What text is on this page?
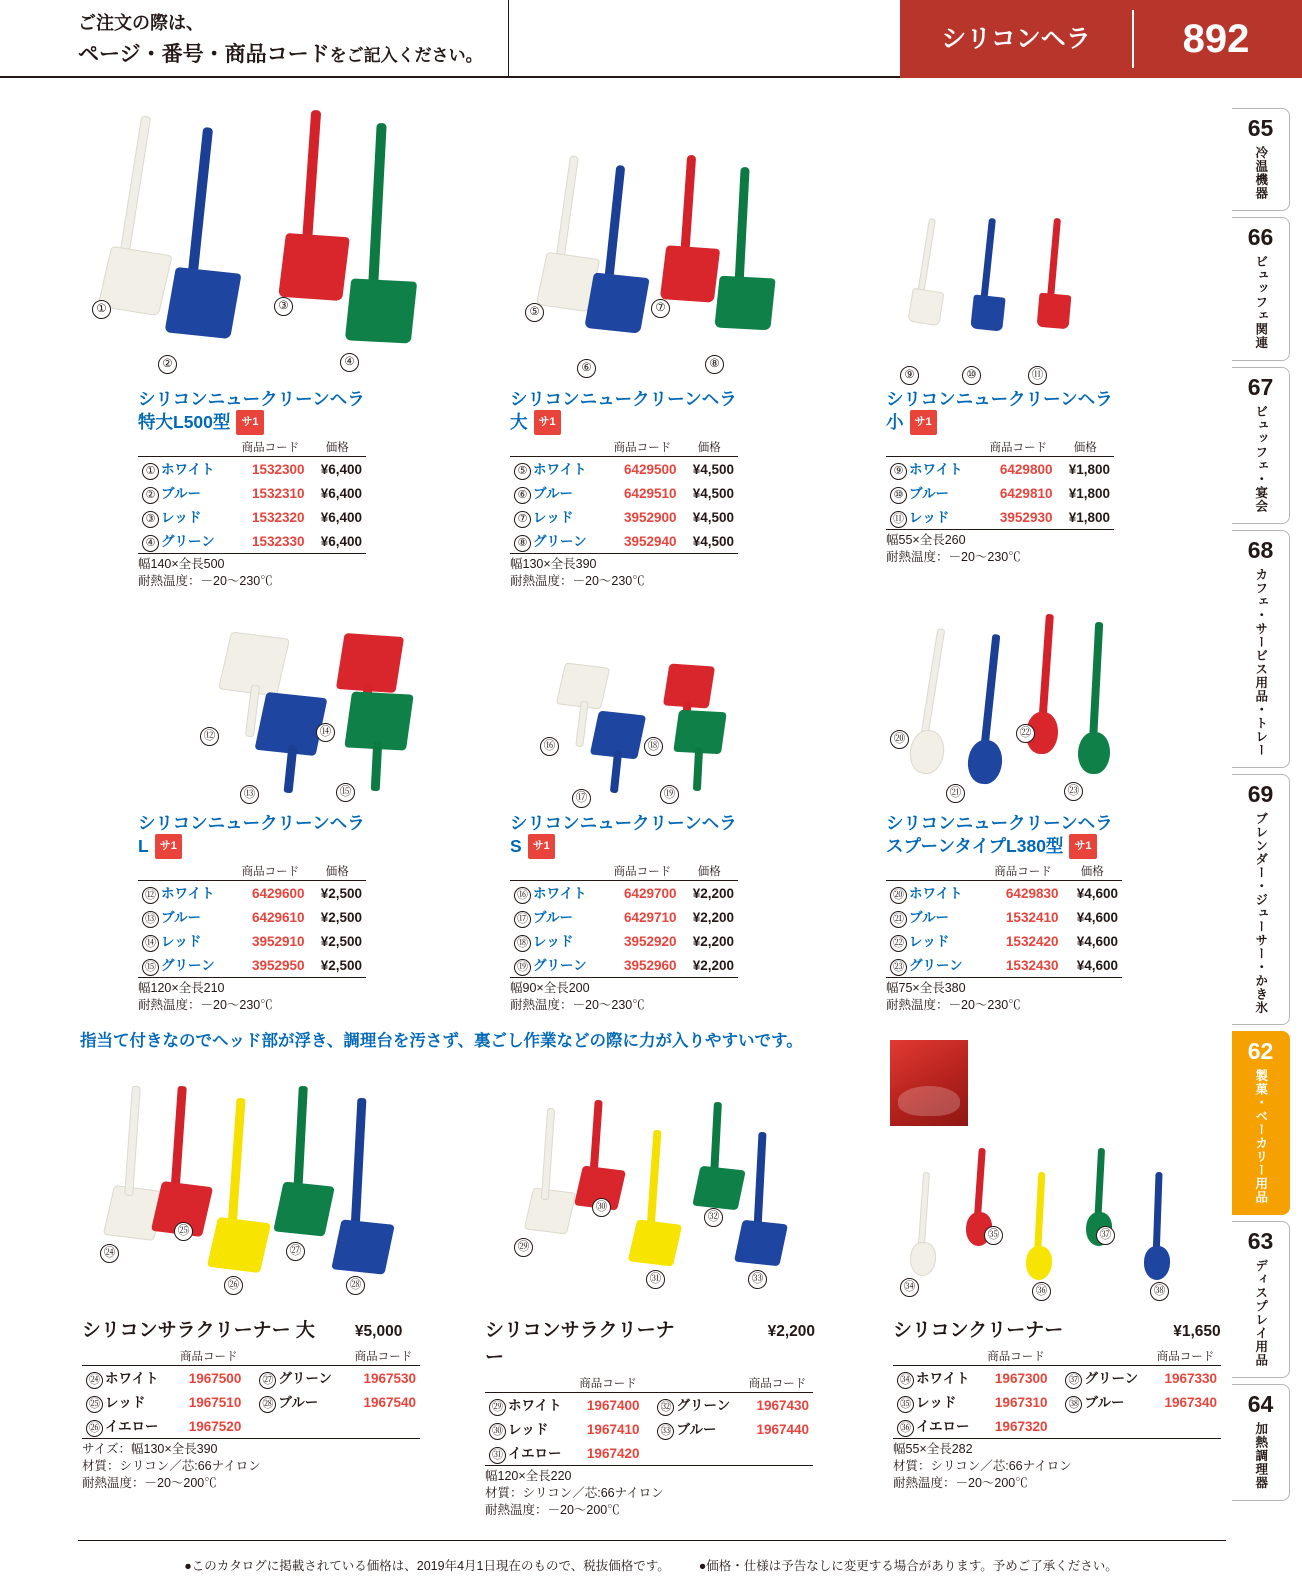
ご注文の際は、
ページ・番号・商品コードをご記入ください。
シリコンヘラ	892
65
冷温機器
66
ビュッフェ関連
67
ビュッフェ・宴会
68
カフェ・サービス用品・トレー
69
ブレンダー・ジューサー・かき氷
62
製菓・ベーカリー用品
63
ディスプレイ用品
64
加熱調理器
①
②
③
④
⑤
⑥
⑦
⑧
⑨	⑩	⑪
シリコンニュークリーンヘラ
特大L500型 サ1
	商品コード	価格
① ホワイト	1532300	¥6,400
② ブルー	1532310	¥6,400
③ レッド	1532320	¥6,400
④ グリーン	1532330	¥6,400
幅140×全長500
耐熱温度：－20～230℃
シリコンニュークリーンヘラ
大 サ1
	商品コード	価格
⑤ ホワイト	6429500	¥4,500
⑥ ブルー	6429510	¥4,500
⑦ レッド	3952900	¥4,500
⑧ グリーン	3952940	¥4,500
幅130×全長390
耐熱温度：－20～230℃
シリコンニュークリーンヘラ
小 サ1
	商品コード	価格
⑨ ホワイト	6429800	¥1,800
⑩ ブルー	6429810	¥1,800
⑪ レッド	3952930	¥1,800
幅55×全長260
耐熱温度：－20～230℃
⑫
⑬
⑭
⑮
⑯
⑰
⑱
⑲
⑳
㉑
㉒
㉓
シリコンニュークリーンヘラ
L サ1
	商品コード	価格
⑫ ホワイト	6429600	¥2,500
⑬ ブルー	6429610	¥2,500
⑭ レッド	3952910	¥2,500
⑮ グリーン	3952950	¥2,500
幅120×全長210
耐熱温度：－20～230℃
シリコンニュークリーンヘラ
S サ1
	商品コード	価格
⑯ ホワイト	6429700	¥2,200
⑰ ブルー	6429710	¥2,200
⑱ レッド	3952920	¥2,200
⑲ グリーン	3952960	¥2,200
幅90×全長200
耐熱温度：－20～230℃
シリコンニュークリーンヘラ
スプーンタイプL380型 サ1
	商品コード	価格
⑳ ホワイト	6429830	¥4,600
㉑ ブルー	1532410	¥4,600
㉒ レッド	1532420	¥4,600
㉓ グリーン	1532430	¥4,600
幅75×全長380
耐熱温度：－20～230℃
指当て付きなのでヘッド部が浮き、調理台を汚さず、裏ごし作業などの際に力が入りやすいです。
㉔
㉕
㉖
㉗
㉘
㉙
㉚
㉛
㉜
㉝
㉞
㉟
㊱
㊲
㊳
シリコンサラクリーナー 大	¥5,000
	商品コード		商品コード
㉔ ホワイト	1967500	㉗ グリーン	1967530
㉕ レッド	1967510	㉘ ブルー	1967540
㉖ イエロー	1967520		
サイズ：幅130×全長390
材質：シリコン／芯:66ナイロン
耐熱温度：－20～200℃
シリコンサラクリーナー
¥2,200
	商品コード		商品コード
㉙ ホワイト	1967400	㉜ グリーン	1967430
㉚ レッド	1967410	㉝ ブルー	1967440
㉛ イエロー	1967420		
幅120×全長220
材質：シリコン／芯:66ナイロン
耐熱温度：－20～200℃
シリコンクリーナー	¥1,650
	商品コード		商品コード
㉞ ホワイト	1967300	㊲ グリーン	1967330
㉟ レッド	1967310	㊳ ブルー	1967340
㊱ イエロー	1967320		
幅55×全長282
材質：シリコン／芯:66ナイロン
耐熱温度：－20～200℃
●このカタログに掲載されている価格は、2019年4月1日現在のもので、税抜価格です。 ●価格・仕様は予告なしに変更する場合があります。予めご了承ください。
